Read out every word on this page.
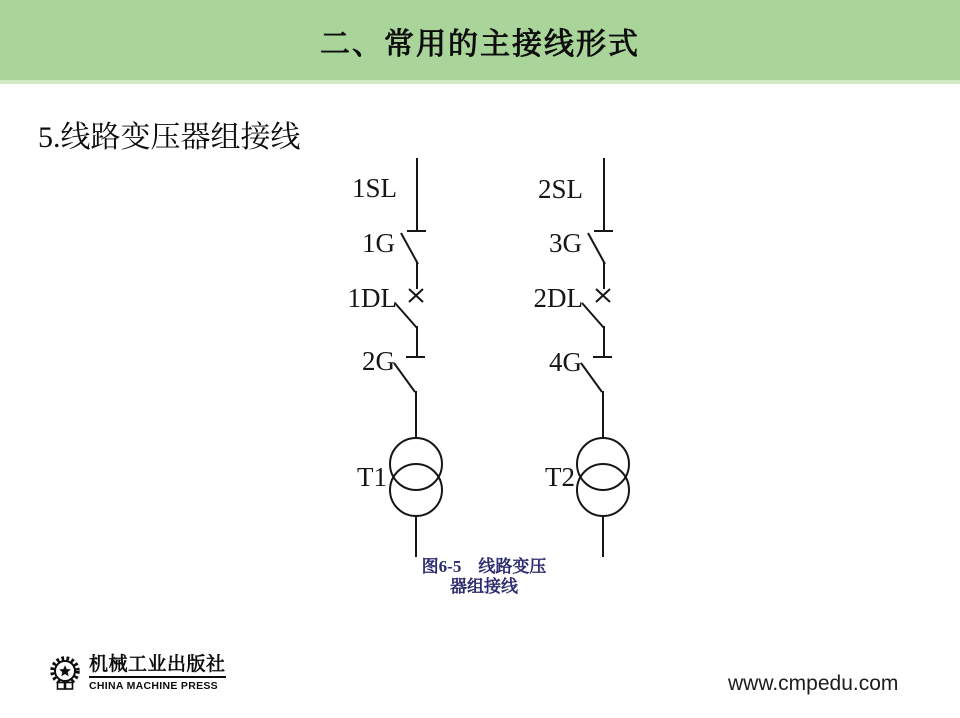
二、常用的主接线形式
5.线路变压器组接线
1SL
1G
1DL
2G
T1
2SL
3G
2DL
4G
T2
图6-5　线路变压
器组接线
机械工业出版社
CHINA MACHINE PRESS	www.cmpedu.com
